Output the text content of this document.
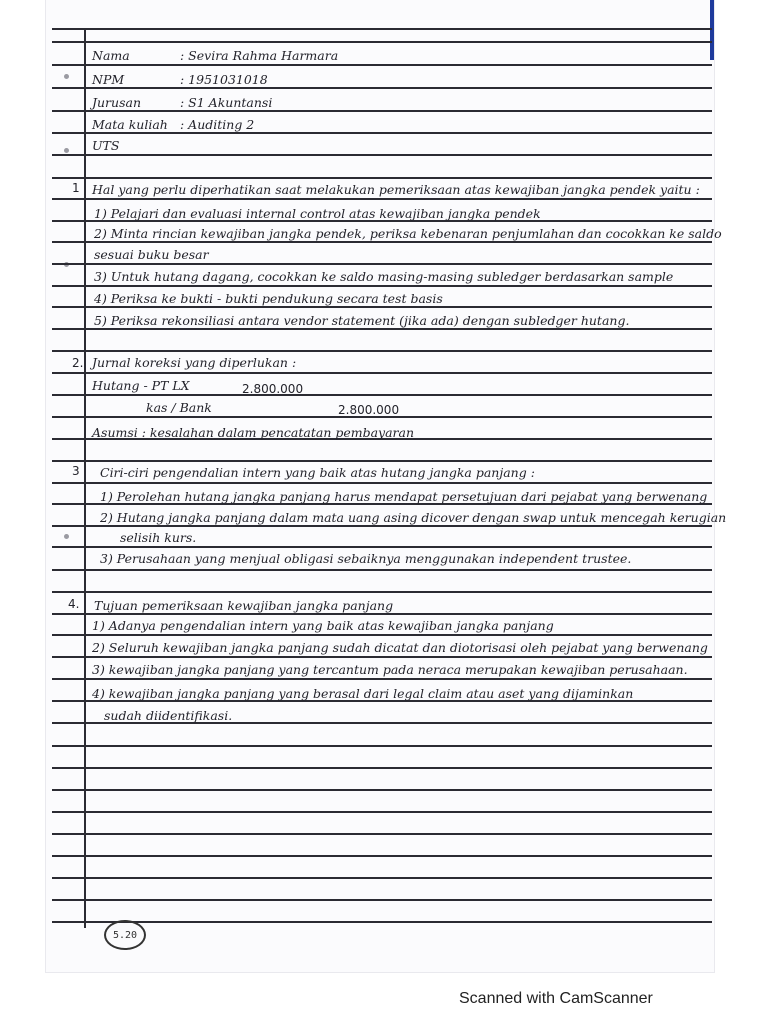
Nama	: Sevira Rahma Harmara
NPM	: 1951031018
Jurusan	: S1 Akuntansi
Mata kuliah : Auditing 2
UTS
1 Hal yang perlu diperhatikan saat melakukan pemeriksaan atas kewajiban jangka pendek yaitu :
1) Pelajari dan evaluasi internal control atas kewajiban jangka pendek
2) Minta rincian kewajiban jangka pendek, periksa kebenaran penjumlahan dan cocokkan ke saldo
sesuai buku besar
3) Untuk hutang dagang, cocokkan ke saldo masing-masing subledger berdasarkan sample
4) Periksa ke bukti - bukti pendukung secara test basis
5) Periksa rekonsiliasi antara vendor statement (jika ada) dengan subledger hutang.
2. Jurnal koreksi yang diperlukan :
Hutang - PT LX	2.800.000
kas / Bank	2.800.000
Asumsi : kesalahan dalam pencatatan pembayaran
3 Ciri-ciri pengendalian intern yang baik atas hutang jangka panjang :
1) Perolehan hutang jangka panjang harus mendapat persetujuan dari pejabat yang berwenang
2) Hutang jangka panjang dalam mata uang asing dicover dengan swap untuk mencegah kerugian
selisih kurs.
3) Perusahaan yang menjual obligasi sebaiknya menggunakan independent trustee.
4. Tujuan pemeriksaan kewajiban jangka panjang
1) Adanya pengendalian intern yang baik atas kewajiban jangka panjang
2) Seluruh kewajiban jangka panjang sudah dicatat dan diotorisasi oleh pejabat yang berwenang
3) kewajiban jangka panjang yang tercantum pada neraca merupakan kewajiban perusahaan.
4) kewajiban jangka panjang yang berasal dari legal claim atau aset yang dijaminkan
sudah diidentifikasi.
5.20
Scanned with CamScanner
